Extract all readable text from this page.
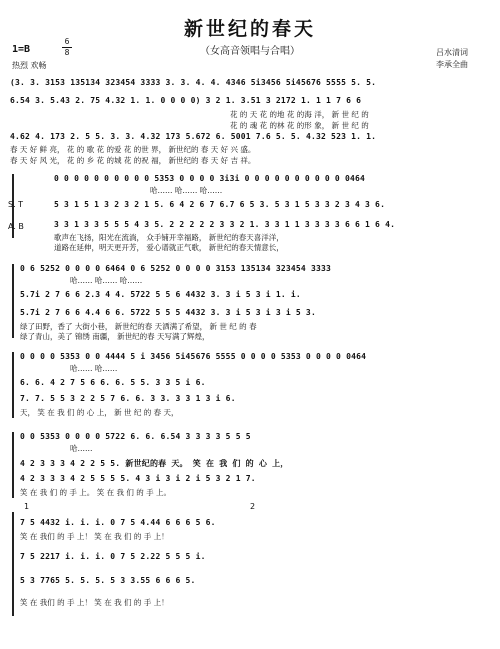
新世纪的春天
（女高音领唱与合唱）
1=B
6
8
热烈 欢畅
吕水清词
李承全曲
(3. 3. 3153 135134 323454 3333 3. 3. 4. 4. 4346 5i3456 5i45676 5555 5. 5.
6.54 3. 5.43 2. 75 4.32 1. 1. 0 0 0 0) 3 2 1. 3.51 3 2172 1. 1 1 7 6 6
花 的 天 花 的地 花 的海 洋， 新 世 纪 的
花 的 魂 花 的林 花 的形 象， 新 世 纪 的
4.62 4. 173 2. 5 5. 3. 3. 4.32 173 5.672 6. 5001 7.6 5. 5. 4.32 523 1. 1.
春 天 好 鲜 亮， 花 的 歌 花 的爱 花 的世 界， 新世纪的 春 天 好 兴 盛。
春 天 好 风 光， 花 的 乡 花 的城 花 的祝 福， 新世纪的 春 天 好 吉 祥。
S. T
A. B
0 0 0 0 0 0 0 0 0 0 5353 0 0 0 0 3i3i 0 0 0 0 0 0 0 0 0 0 0464
哈…… 哈…… 哈……
5 3 1 5 1 3 2 3 2 1 5. 6 4 2 6 7 6.7 6 5 3. 5 3 1 5 3 3 2 3 4 3 6.
3 3 1 3 3 5 5 5 4 3 5. 2 2 2 2 2 3 3 2 1. 3 3 1 1 3 3 3 3 6 6 1 6 4.
歌声在飞扬，阳光在流淌， 众手铺开幸福路， 新世纪的春天喜洋洋，
道路在延伸，明天更开芳， 爱心谱就正气歌， 新世纪的春天情意长，
0 6 5252 0 0 0 0 6464 0 6 5252 0 0 0 0 3153 135134 323454 3333
哈…… 哈…… 哈……
5.7i 2 7 6 6 2.3 4 4. 5722 5 5 6 4432 3. 3 i 5 3 i 1. i.
5.7i 2 7 6 6 4.4 6 6. 5722 5 5 5 4432 3. 3 i 5 3 i 3 i 5 3.
绿了田野，香了 大街小巷， 新世纪的春 天洒满了希望， 新 世 纪 的 春
绿了青山，美了 锦绣 南疆， 新世纪的春 天写满了辉煌，
0 0 0 0 5353 0 0 4444 5 i 3456 5i45676 5555 0 0 0 0 5353 0 0 0 0 0464
哈…… 哈……
6. 6. 4 2 7 5 6 6. 6. 5 5. 3 3 5 i 6.
7. 7. 5 5 3 2 2 5 7 6. 6. 3 3. 3 3 1 3 i 6.
天， 笑 在 我 们 的 心 上， 新 世 纪 的 春 天，
0 0 5353 0 0 0 0 5722 6. 6. 6.54 3 3 3 3 5 5 5
哈……
4 2 3 3 3 4 2 2 5 5. 新世纪的春 天。 笑 在 我 们 的 心 上，
4 2 3 3 3 4 2 5 5 5 5. 4 3 i 3 i 2 i 5 3 2 1 7.
笑 在 我 们 的 手 上。 笑 在 我 们 的 手 上。
1	2
7 5 4432 i. i. i. 0 7 5 4.44 6 6 6 5 6.
笑 在 我们 的 手 上！ 笑 在 我 们 的 手 上！
7 5 2217 i. i. i. 0 7 5 2.22 5 5 5 i.
5 3 7765 5. 5. 5. 5 3 3.55 6 6 6 5.
笑 在 我们 的 手 上！ 笑 在 我 们 的 手 上！
